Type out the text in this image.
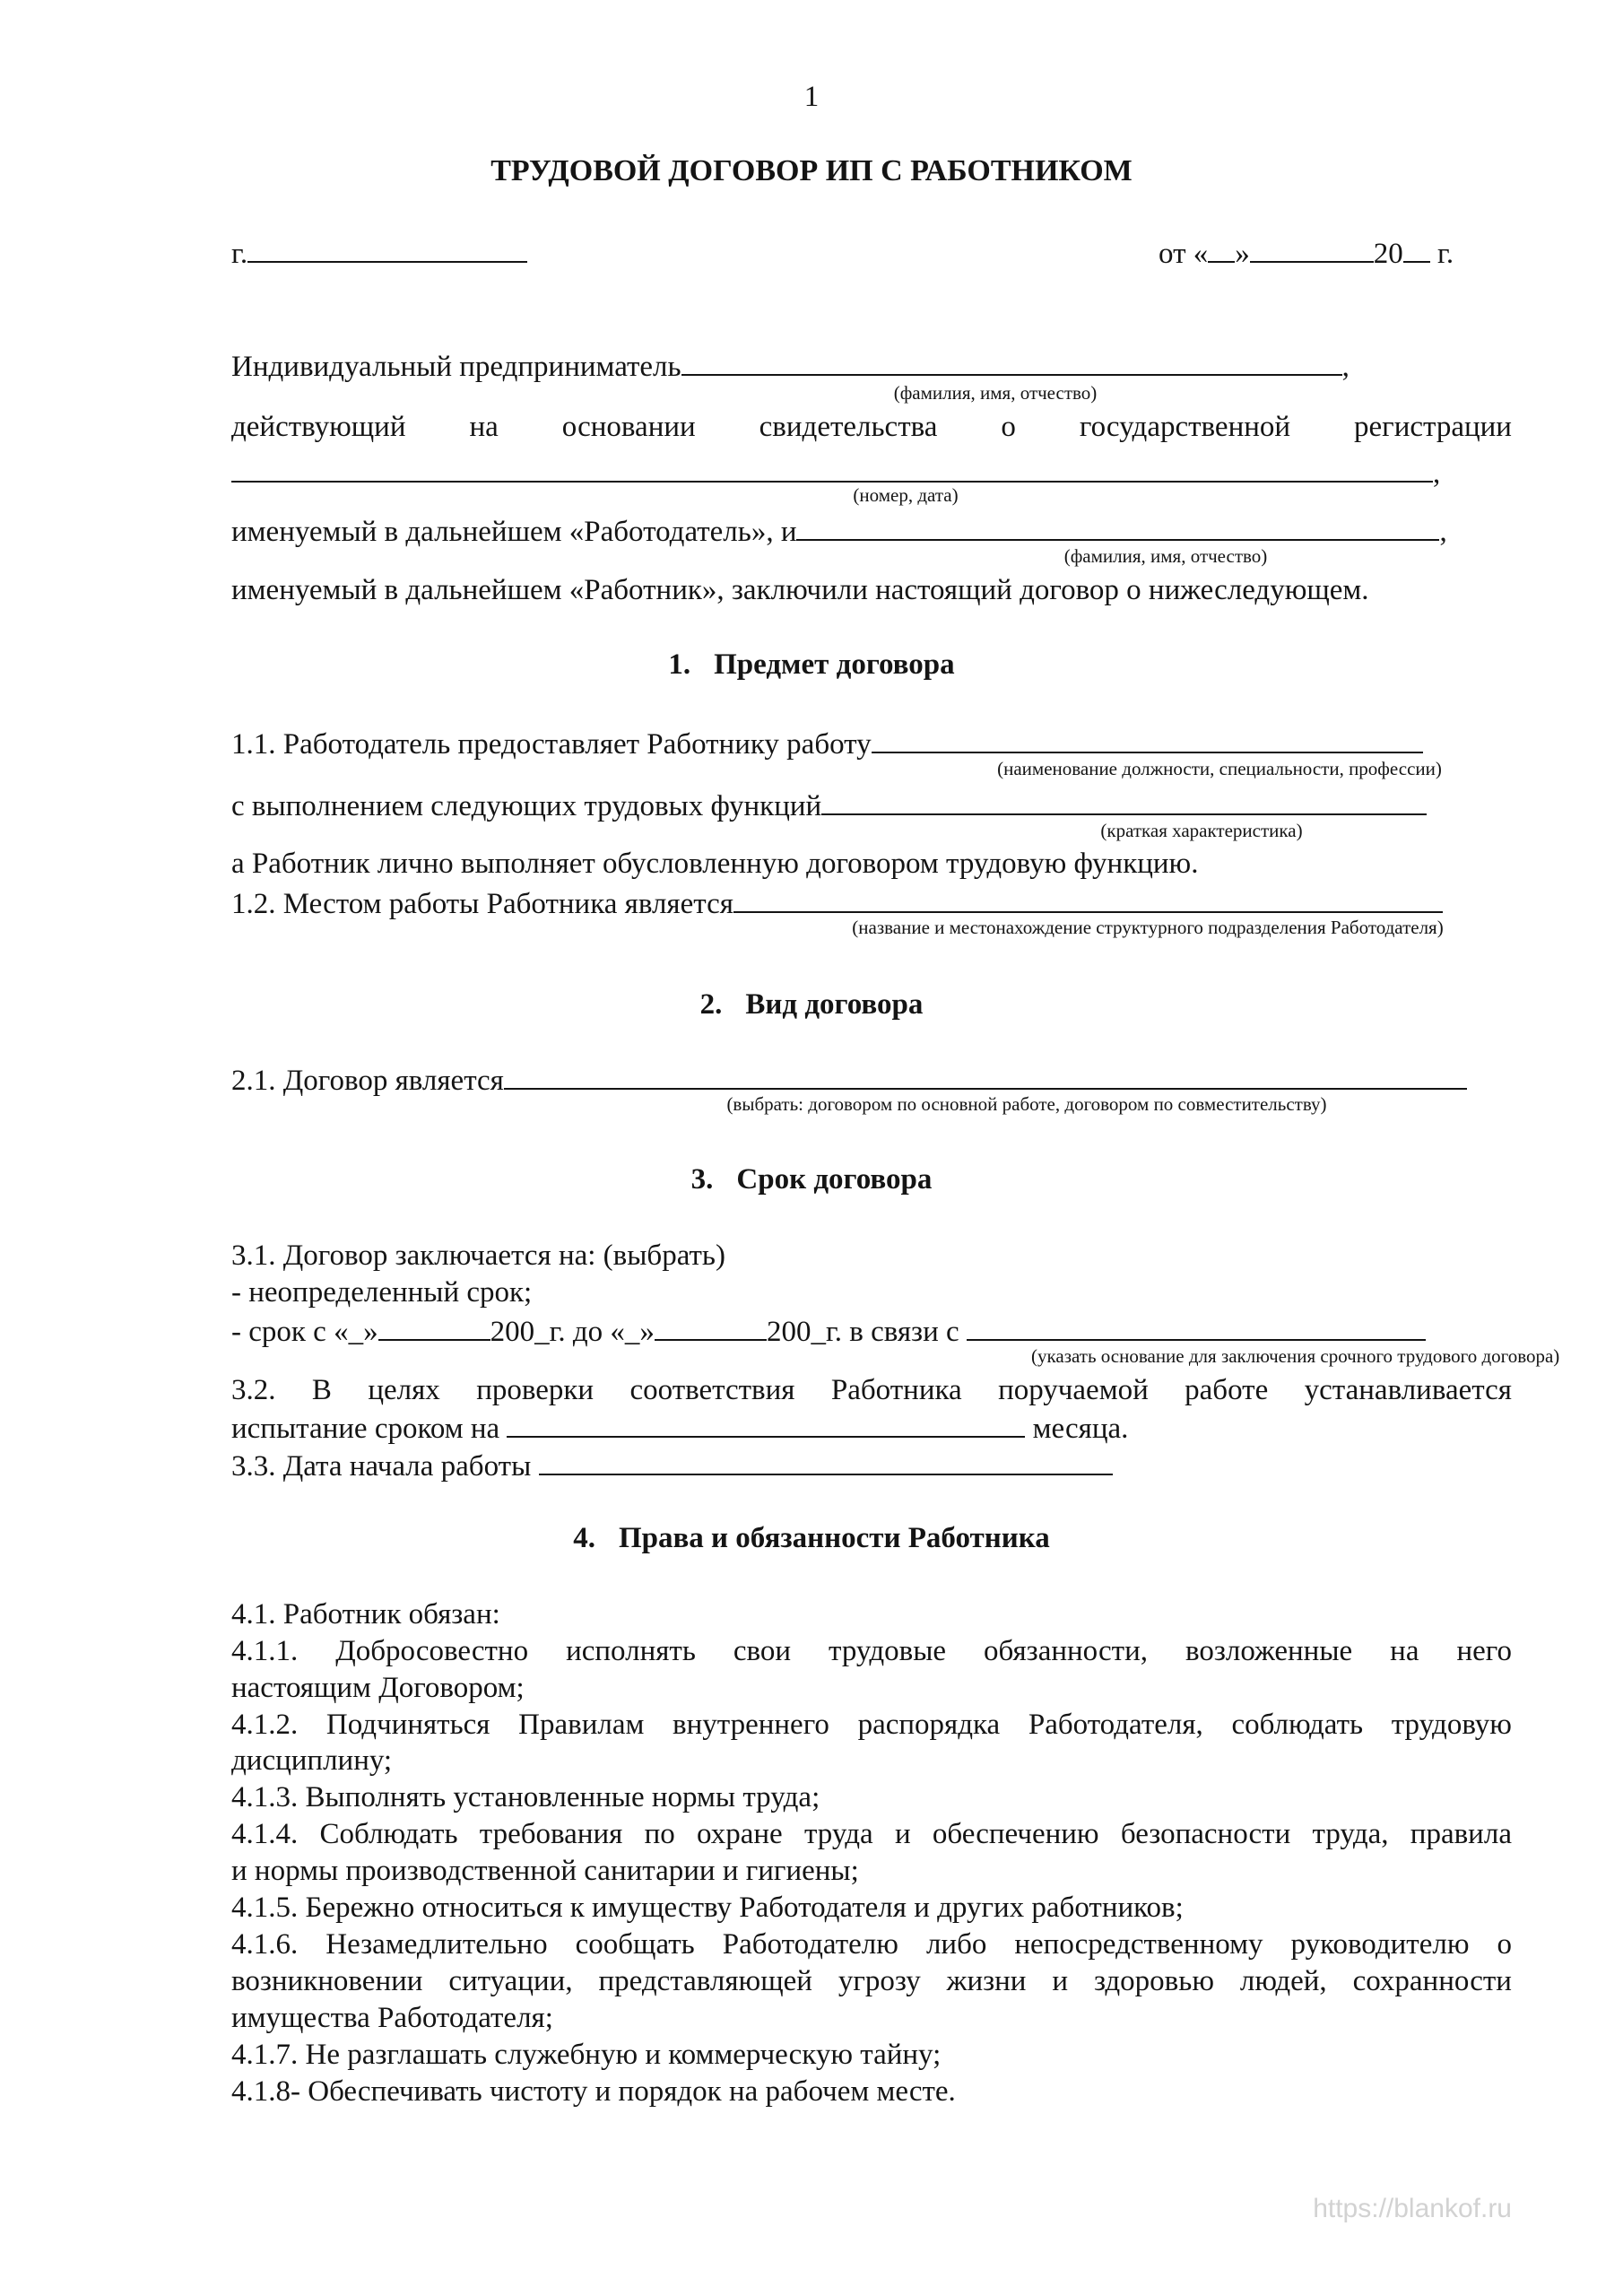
1
ТРУДОВОЙ ДОГОВОР ИП С РАБОТНИКОМ
г.	от « »	20 г.
Индивидуальный предприниматель	,
(фамилия, имя, отчество)
действующий на основании свидетельства о государственной регистрации
,
(номер, дата)
именуемый в дальнейшем «Работодатель», и	,
(фамилия, имя, отчество)
именуемый в дальнейшем «Работник», заключили настоящий договор о нижеследующем.
1. Предмет договора
1.1. Работодатель предоставляет Работнику работу
(наименование должности, специальности, профессии)
с выполнением следующих трудовых функций
(краткая характеристика)
а Работник лично выполняет обусловленную договором трудовую функцию.
1.2. Местом работы Работника является
(название и местонахождение структурного подразделения Работодателя)
2. Вид договора
2.1. Договор является
(выбрать: договором по основной работе, договором по совместительству)
3. Срок договора
3.1. Договор заключается на: (выбрать)
- неопределенный срок;
- срок с «_»	200_г. до «_»	200_г. в связи с
(указать основание для заключения срочного трудового договора)
3.2. В целях проверки соответствия Работника поручаемой работе устанавливается
испытание сроком на	месяца.
3.3. Дата начала работы
4. Права и обязанности Работника
4.1. Работник обязан:
4.1.1. Добросовестно исполнять свои трудовые обязанности, возложенные на него
настоящим Договором;
4.1.2. Подчиняться Правилам внутреннего распорядка Работодателя, соблюдать трудовую
дисциплину;
4.1.3. Выполнять установленные нормы труда;
4.1.4. Соблюдать требования по охране труда и обеспечению безопасности труда, правила
и нормы производственной санитарии и гигиены;
4.1.5. Бережно относиться к имуществу Работодателя и других работников;
4.1.6. Незамедлительно сообщать Работодателю либо непосредственному руководителю о
возникновении ситуации, представляющей угрозу жизни и здоровью людей, сохранности
имущества Работодателя;
4.1.7. Не разглашать служебную и коммерческую тайну;
4.1.8- Обеспечивать чистоту и порядок на рабочем месте.
https://blankof.ru
